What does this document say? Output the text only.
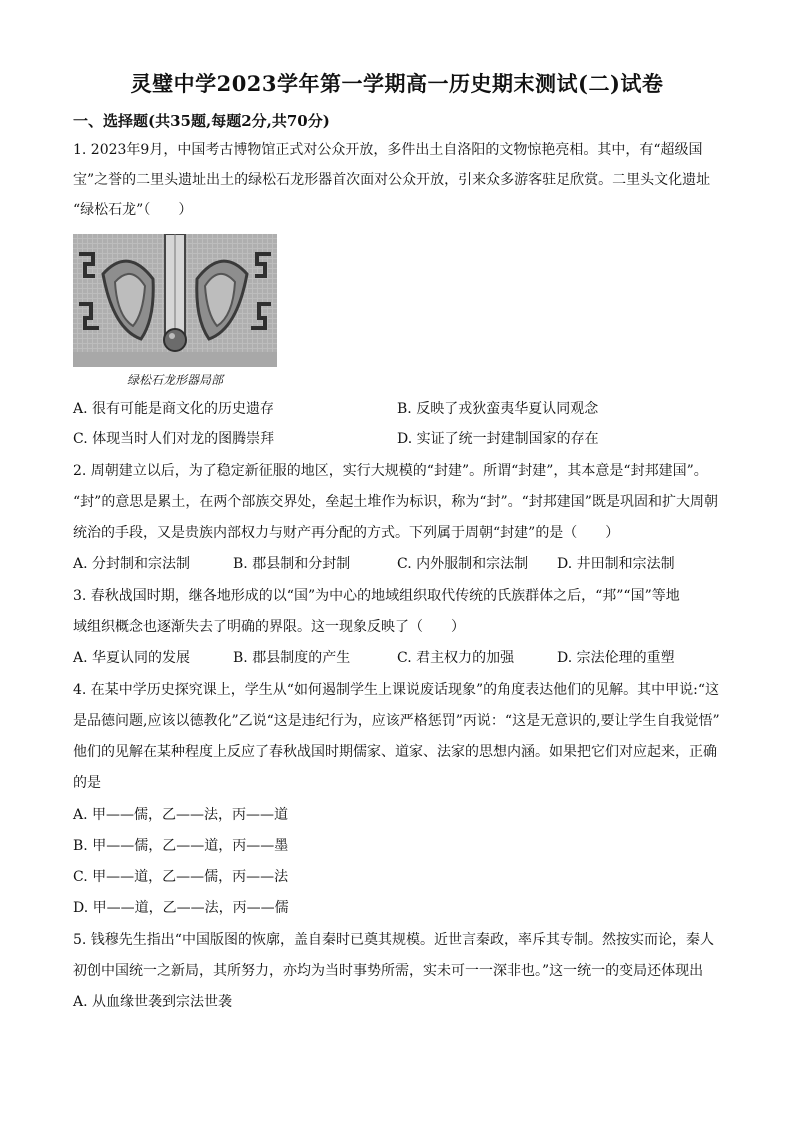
灵璧中学2023学年第一学期高一历史期末测试(二)试卷
一、选择题(共35题,每题2分,共70分)
1. 2023年9月，中国考古博物馆正式对公众开放，多件出土自洛阳的文物惊艳亮相。其中，有“超级国
宝”之誉的二里头遗址出土的绿松石龙形器首次面对公众开放，引来众多游客驻足欣赏。二里头文化遗址
“绿松石龙”（　　）
绿松石龙形器局部
A. 很有可能是商文化的历史遗存	B. 反映了戎狄蛮夷华夏认同观念
C. 体现当时人们对龙的图腾崇拜	D. 实证了统一封建制国家的存在
2. 周朝建立以后，为了稳定新征服的地区，实行大规模的“封建”。所谓“封建”，其本意是“封邦建国”。
“封”的意思是累土，在两个部族交界处，垒起土堆作为标识，称为“封”。“封邦建国”既是巩固和扩大周朝
统治的手段，又是贵族内部权力与财产再分配的方式。下列属于周朝“封建”的是（　　）
A. 分封制和宗法制	B. 郡县制和分封制	C. 内外服制和宗法制 D. 井田制和宗法制
3. 春秋战国时期，继各地形成的以“国”为中心的地域组织取代传统的氏族群体之后，“邦”“国”等地
域组织概念也逐渐失去了明确的界限。这一现象反映了（　　）
A. 华夏认同的发展	B. 郡县制度的产生	C. 君主权力的加强	D. 宗法伦理的重塑
4. 在某中学历史探究课上，学生从“如何遏制学生上课说废话现象”的角度表达他们的见解。其中甲说:“这
是品德问题,应该以德教化”乙说“这是违纪行为，应该严格惩罚”丙说：“这是无意识的,要让学生自我觉悟”
他们的见解在某种程度上反应了春秋战国时期儒家、道家、法家的思想内涵。如果把它们对应起来，正确
的是
A. 甲——儒，乙——法，丙——道
B. 甲——儒，乙——道，丙——墨
C. 甲——道，乙——儒，丙——法
D. 甲——道，乙——法，丙——儒
5. 钱穆先生指出“中国版图的恢廓，盖自秦时已奠其规模。近世言秦政，率斥其专制。然按实而论，秦人
初创中国统一之新局，其所努力，亦均为当时事势所需，实未可一一深非也。”这一统一的变局还体现出
A. 从血缘世袭到宗法世袭
